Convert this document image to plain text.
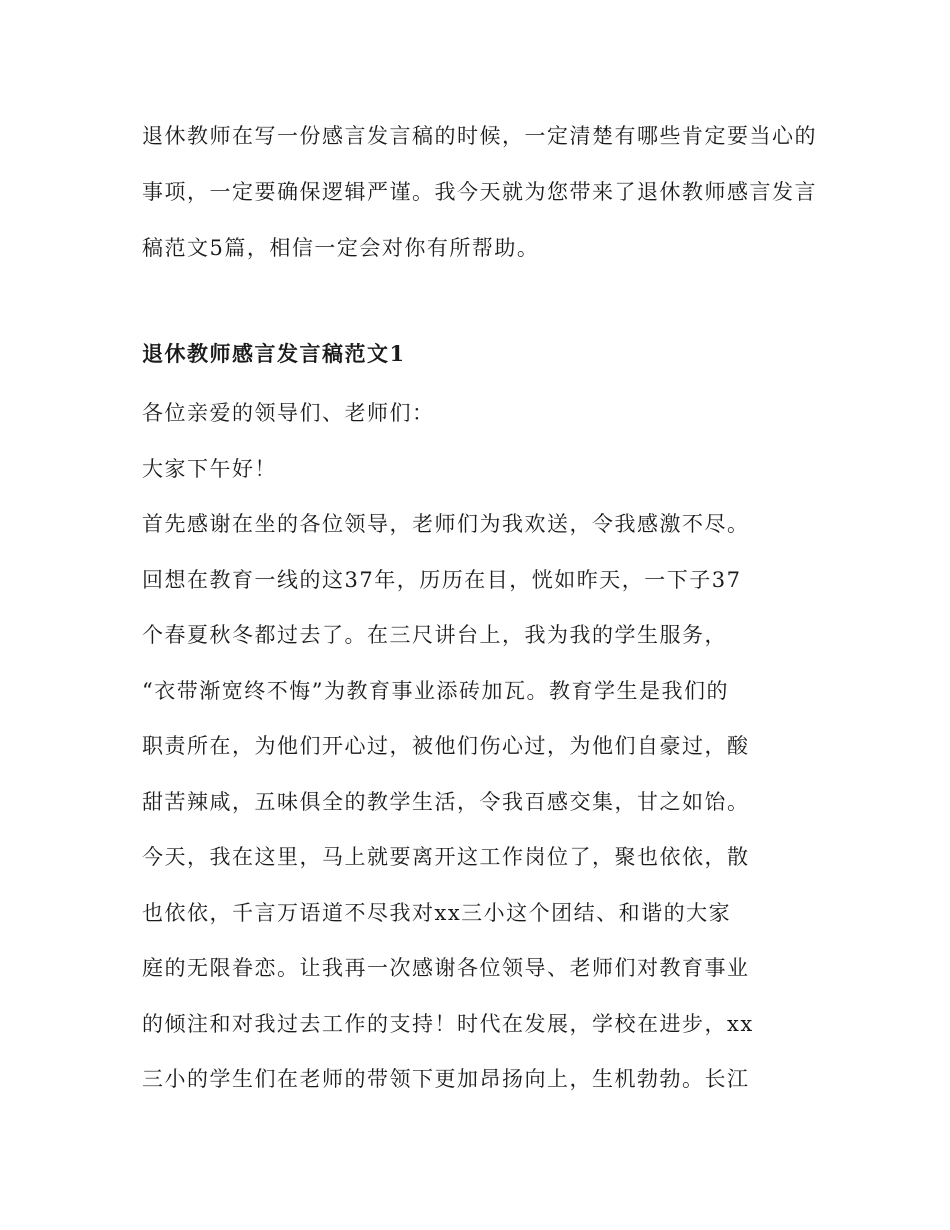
退休教师在写一份感言发言稿的时候，一定清楚有哪些肯定要当心的事项，一定要确保逻辑严谨。我今天就为您带来了退休教师感言发言稿范文5篇，相信一定会对你有所帮助。

退休教师感言发言稿范文1
各位亲爱的领导们、老师们：
大家下午好！
首先感谢在坐的各位领导，老师们为我欢送，令我感激不尽。
回想在教育一线的这37年，历历在目，恍如昨天，一下子37
个春夏秋冬都过去了。在三尺讲台上，我为我的学生服务，
“衣带渐宽终不悔”为教育事业添砖加瓦。教育学生是我们的
职责所在，为他们开心过，被他们伤心过，为他们自豪过，酸
甜苦辣咸，五味俱全的教学生活，令我百感交集，甘之如饴。
今天，我在这里，马上就要离开这工作岗位了，聚也依依，散
也依依，千言万语道不尽我对xx三小这个团结、和谐的大家
庭的无限眷恋。让我再一次感谢各位领导、老师们对教育事业
的倾注和对我过去工作的支持！时代在发展，学校在进步，xx
三小的学生们在老师的带领下更加昂扬向上，生机勃勃。长江
